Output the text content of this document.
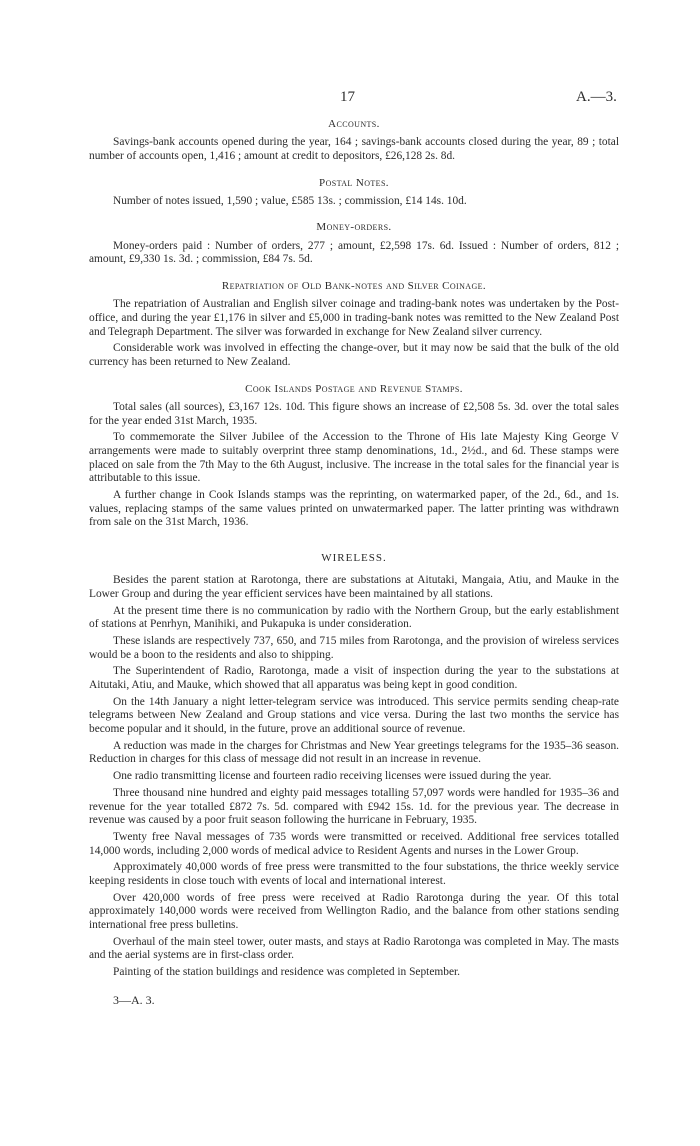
17	A.—3.
Accounts.

Savings-bank accounts opened during the year, 164 ; savings-bank accounts closed during the year, 89 ; total number of accounts open, 1,416 ; amount at credit to depositors, £26,128 2s. 8d.

Postal Notes.

Number of notes issued, 1,590 ; value, £585 13s. ; commission, £14 14s. 10d.

Money-orders.

Money-orders paid : Number of orders, 277 ; amount, £2,598 17s. 6d. Issued : Number of orders, 812 ; amount, £9,330 1s. 3d. ; commission, £84 7s. 5d.

Repatriation of Old Bank-notes and Silver Coinage.

The repatriation of Australian and English silver coinage and trading-bank notes was undertaken by the Post-office, and during the year £1,176 in silver and £5,000 in trading-bank notes was remitted to the New Zealand Post and Telegraph Department. The silver was forwarded in exchange for New Zealand silver currency.

Considerable work was involved in effecting the change-over, but it may now be said that the bulk of the old currency has been returned to New Zealand.

Cook Islands Postage and Revenue Stamps.

Total sales (all sources), £3,167 12s. 10d. This figure shows an increase of £2,508 5s. 3d. over the total sales for the year ended 31st March, 1935.

To commemorate the Silver Jubilee of the Accession to the Throne of His late Majesty King George V arrangements were made to suitably overprint three stamp denominations, 1d., 2½d., and 6d. These stamps were placed on sale from the 7th May to the 6th August, inclusive. The increase in the total sales for the financial year is attributable to this issue.

A further change in Cook Islands stamps was the reprinting, on watermarked paper, of the 2d., 6d., and 1s. values, replacing stamps of the same values printed on unwatermarked paper. The latter printing was withdrawn from sale on the 31st March, 1936.

WIRELESS.

Besides the parent station at Rarotonga, there are substations at Aitutaki, Mangaia, Atiu, and Mauke in the Lower Group and during the year efficient services have been maintained by all stations.

At the present time there is no communication by radio with the Northern Group, but the early establishment of stations at Penrhyn, Manihiki, and Pukapuka is under consideration.

These islands are respectively 737, 650, and 715 miles from Rarotonga, and the provision of wireless services would be a boon to the residents and also to shipping.

The Superintendent of Radio, Rarotonga, made a visit of inspection during the year to the substations at Aitutaki, Atiu, and Mauke, which showed that all apparatus was being kept in good condition.

On the 14th January a night letter-telegram service was introduced. This service permits sending cheap-rate telegrams between New Zealand and Group stations and vice versa. During the last two months the service has become popular and it should, in the future, prove an additional source of revenue.

A reduction was made in the charges for Christmas and New Year greetings telegrams for the 1935–36 season. Reduction in charges for this class of message did not result in an increase in revenue.

One radio transmitting license and fourteen radio receiving licenses were issued during the year.

Three thousand nine hundred and eighty paid messages totalling 57,097 words were handled for 1935–36 and revenue for the year totalled £872 7s. 5d. compared with £942 15s. 1d. for the previous year. The decrease in revenue was caused by a poor fruit season following the hurricane in February, 1935.

Twenty free Naval messages of 735 words were transmitted or received. Additional free services totalled 14,000 words, including 2,000 words of medical advice to Resident Agents and nurses in the Lower Group.

Approximately 40,000 words of free press were transmitted to the four substations, the thrice weekly service keeping residents in close touch with events of local and international interest.

Over 420,000 words of free press were received at Radio Rarotonga during the year. Of this total approximately 140,000 words were received from Wellington Radio, and the balance from other stations sending international free press bulletins.

Overhaul of the main steel tower, outer masts, and stays at Radio Rarotonga was completed in May. The masts and the aerial systems are in first-class order.

Painting of the station buildings and residence was completed in September.

3—A. 3.
